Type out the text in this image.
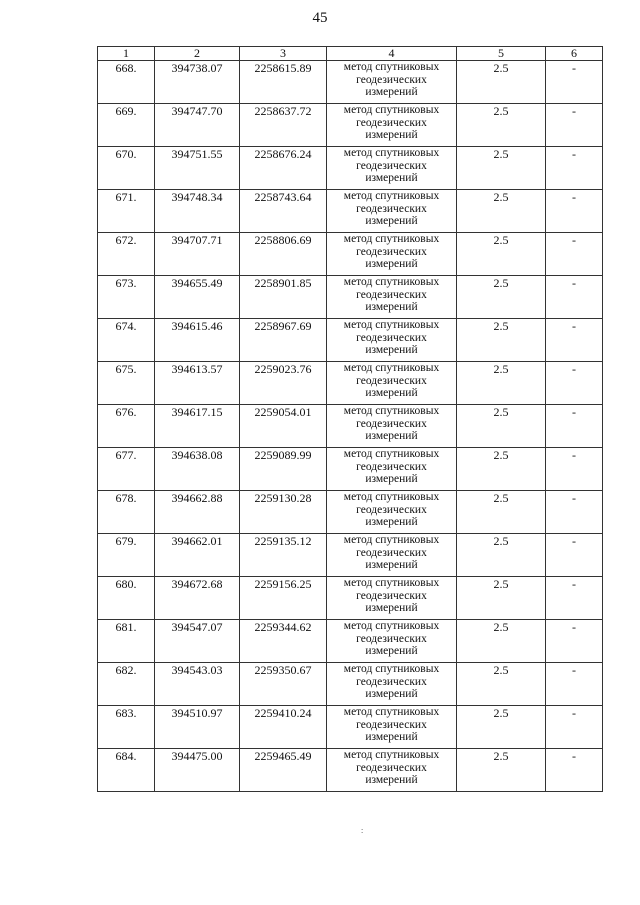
45
1	2	3	4	5	6
668.	394738.07	2258615.89	метод спутниковых
геодезических
измерений	2.5	-
669.	394747.70	2258637.72	метод спутниковых
геодезических
измерений	2.5	-
670.	394751.55	2258676.24	метод спутниковых
геодезических
измерений	2.5	-
671.	394748.34	2258743.64	метод спутниковых
геодезических
измерений	2.5	-
672.	394707.71	2258806.69	метод спутниковых
геодезических
измерений	2.5	-
673.	394655.49	2258901.85	метод спутниковых
геодезических
измерений	2.5	-
674.	394615.46	2258967.69	метод спутниковых
геодезических
измерений	2.5	-
675.	394613.57	2259023.76	метод спутниковых
геодезических
измерений	2.5	-
676.	394617.15	2259054.01	метод спутниковых
геодезических
измерений	2.5	-
677.	394638.08	2259089.99	метод спутниковых
геодезических
измерений	2.5	-
678.	394662.88	2259130.28	метод спутниковых
геодезических
измерений	2.5	-
679.	394662.01	2259135.12	метод спутниковых
геодезических
измерений	2.5	-
680.	394672.68	2259156.25	метод спутниковых
геодезических
измерений	2.5	-
681.	394547.07	2259344.62	метод спутниковых
геодезических
измерений	2.5	-
682.	394543.03	2259350.67	метод спутниковых
геодезических
измерений	2.5	-
683.	394510.97	2259410.24	метод спутниковых
геодезических
измерений	2.5	-
684.	394475.00	2259465.49	метод спутниковых
геодезических
измерений	2.5	-
:
